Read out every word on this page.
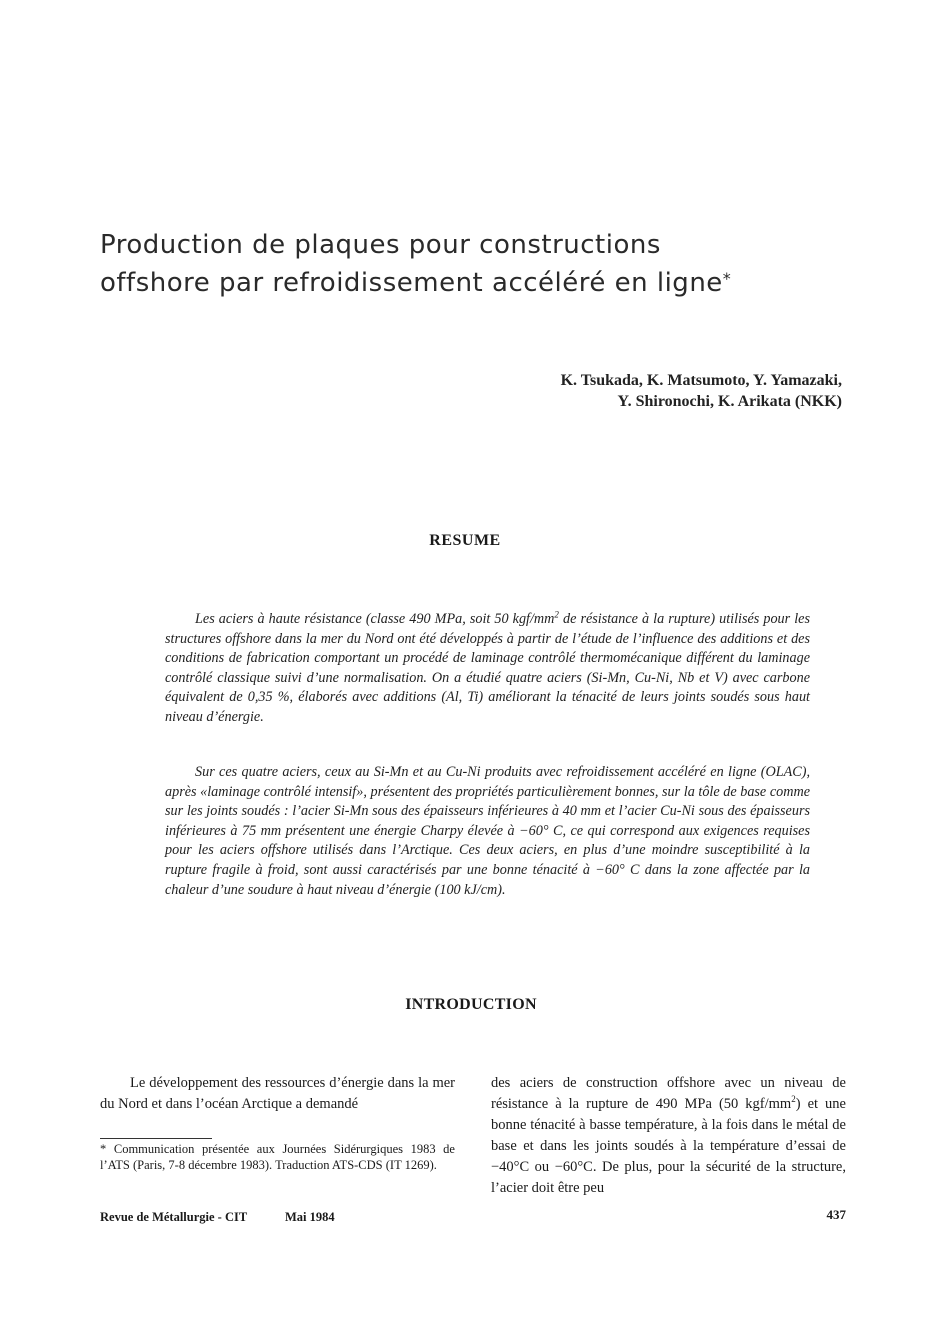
Production de plaques pour constructions
offshore par refroidissement accéléré en ligne*
K. Tsukada, K. Matsumoto, Y. Yamazaki,
Y. Shironochi, K. Arikata (NKK)
RESUME

Les aciers à haute résistance (classe 490 MPa, soit 50 kgf/$mm^2$ de résistance à la rupture) utilisés pour les structures offshore dans la mer du Nord ont été développés à partir de l’étude de l’influence des additions et des conditions de fabrication comportant un procédé de laminage contrôlé thermomécanique différent du laminage contrôlé classique suivi d’une normalisation. On a étudié quatre aciers (Si-Mn, Cu-Ni, Nb et V) avec carbone équivalent de 0,35 %, élaborés avec additions (Al, Ti) améliorant la ténacité de leurs joints soudés sous haut niveau d’énergie.

Sur ces quatre aciers, ceux au Si-Mn et au Cu-Ni produits avec refroidissement accéléré en ligne (OLAC), après «laminage contrôlé intensif», présentent des propriétés particulièrement bonnes, sur la tôle de base comme sur les joints soudés : l’acier Si-Mn sous des épaisseurs inférieures à 40 mm et l’acier Cu-Ni sous des épaisseurs inférieures à 75 mm présentent une énergie Charpy élevée à −60° C, ce qui correspond aux exigences requises pour les aciers offshore utilisés dans l’Arctique. Ces deux aciers, en plus d’une moindre susceptibilité à la rupture fragile à froid, sont aussi caractérisés par une bonne ténacité à −60° C dans la zone affectée par la chaleur d’une soudure à haut niveau d’énergie (100 kJ/cm).

INTRODUCTION

Le développement des ressources d’énergie dans la mer du Nord et dans l’océan Arctique a demandé

des aciers de construction offshore avec un niveau de résistance à la rupture de 490 MPa (50 kgf/$mm^2$) et une bonne ténacité à basse température, à la fois dans le métal de base et dans les joints soudés à la température d’essai de −40°C ou −60°C. De plus, pour la sécurité de la structure, l’acier doit être peu

* Communication présentée aux Journées Sidérurgiques 1983 de l’ATS (Paris, 7-8 décembre 1983). Traduction ATS-CDS (IT 1269).

Revue de Métallurgie - CIT	Mai 1984	437
